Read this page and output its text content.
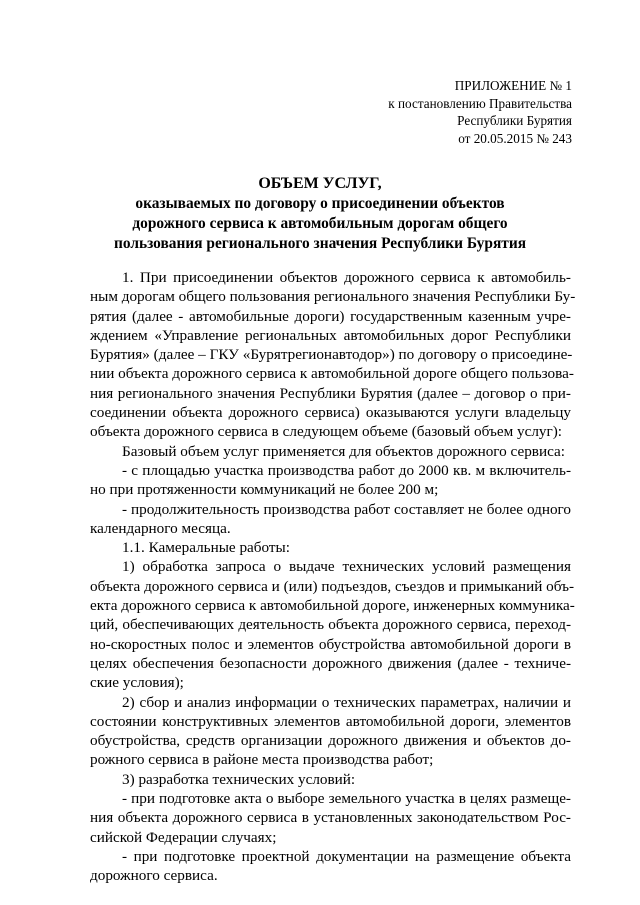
ПРИЛОЖЕНИЕ № 1
к постановлению Правительства
Республики Бурятия
от 20.05.2015 № 243
ОБЪЕМ УСЛУГ,
оказываемых по договору о присоединении объектов
дорожного сервиса к автомобильным дорогам общего
пользования регионального значения Республики Бурятия
1. При присоединении объектов дорожного сервиса к автомобиль-
ным дорогам общего пользования регионального значения Республики Бу-
рятия (далее - автомобильные дороги) государственным казенным учре-
ждением «Управление региональных автомобильных дорог Республики
Бурятия» (далее – ГКУ «Бурятрегионавтодор») по договору о присоедине-
нии объекта дорожного сервиса к автомобильной дороге общего пользова-
ния регионального значения Республики Бурятия (далее – договор о при-
соединении объекта дорожного сервиса) оказываются услуги владельцу
объекта дорожного сервиса в следующем объеме (базовый объем услуг):
Базовый объем услуг применяется для объектов дорожного сервиса:
- с площадью участка производства работ до 2000 кв. м включитель-
но при протяженности коммуникаций не более 200 м;
- продолжительность производства работ составляет не более одного
календарного месяца.
1.1. Камеральные работы:
1) обработка запроса о выдаче технических условий размещения
объекта дорожного сервиса и (или) подъездов, съездов и примыканий объ-
екта дорожного сервиса к автомобильной дороге, инженерных коммуника-
ций, обеспечивающих деятельность объекта дорожного сервиса, переход-
но-скоростных полос и элементов обустройства автомобильной дороги в
целях обеспечения безопасности дорожного движения (далее - техниче-
ские условия);
2) сбор и анализ информации о технических параметрах, наличии и
состоянии конструктивных элементов автомобильной дороги, элементов
обустройства, средств организации дорожного движения и объектов до-
рожного сервиса в районе места производства работ;
3) разработка технических условий:
- при подготовке акта о выборе земельного участка в целях размеще-
ния объекта дорожного сервиса в установленных законодательством Рос-
сийской Федерации случаях;
- при подготовке проектной документации на размещение объекта
дорожного сервиса.
